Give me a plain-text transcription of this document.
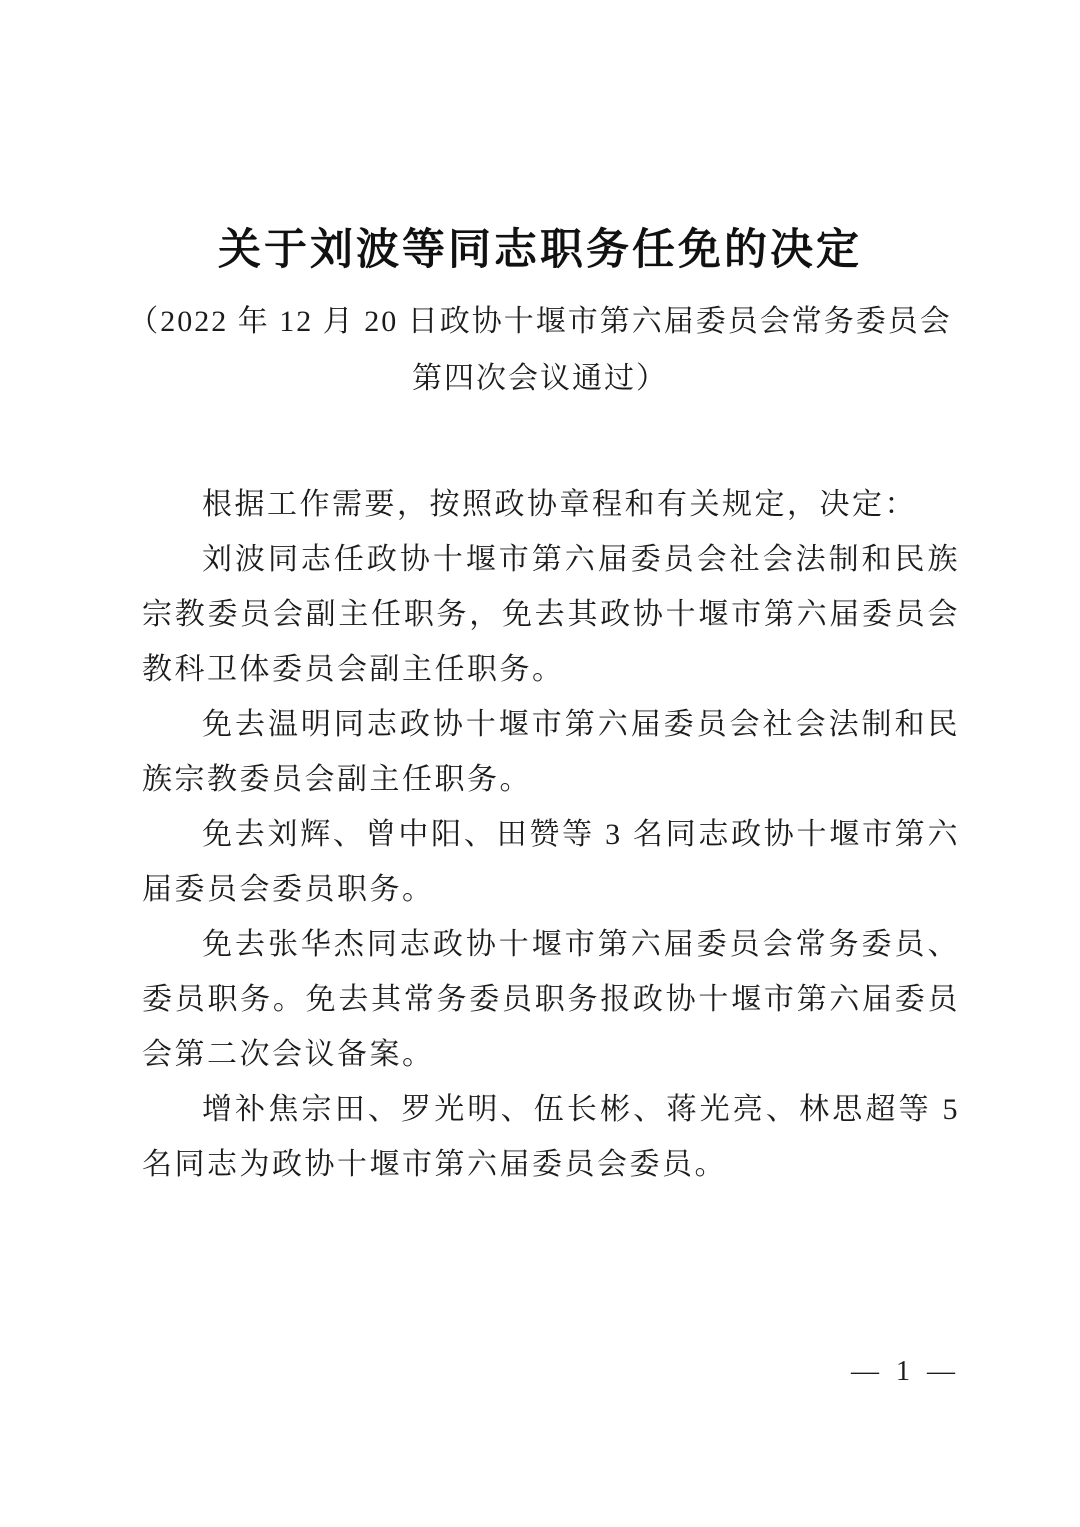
关于刘波等同志职务任免的决定
（2022 年 12 月 20 日政协十堰市第六届委员会常务委员会
第四次会议通过）

根据工作需要，按照政协章程和有关规定，决定：

刘波同志任政协十堰市第六届委员会社会法制和民族宗教委员会副主任职务，免去其政协十堰市第六届委员会教科卫体委员会副主任职务。

免去温明同志政协十堰市第六届委员会社会法制和民族宗教委员会副主任职务。

免去刘辉、曾中阳、田赞等 3 名同志政协十堰市第六届委员会委员职务。

免去张华杰同志政协十堰市第六届委员会常务委员、委员职务。免去其常务委员职务报政协十堰市第六届委员会第二次会议备案。

增补焦宗田、罗光明、伍长彬、蒋光亮、林思超等 5 名同志为政协十堰市第六届委员会委员。

— 1 —
